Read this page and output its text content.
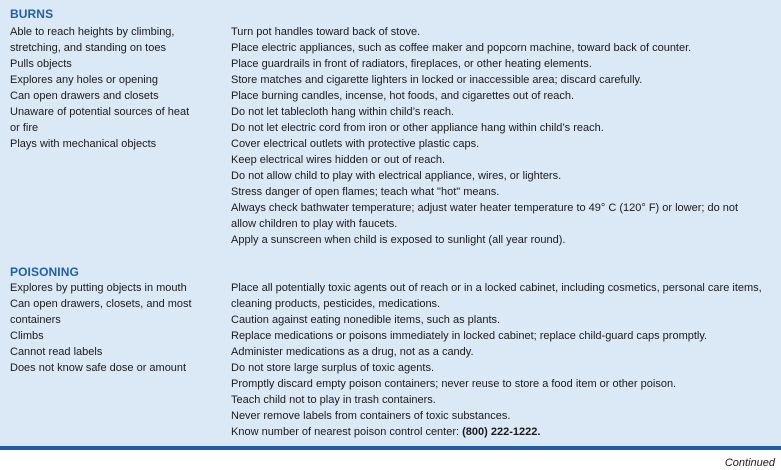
BURNS
Able to reach heights by climbing,
stretching, and standing on toes
Pulls objects
Explores any holes or opening
Can open drawers and closets
Unaware of potential sources of heat
or fire
Plays with mechanical objects
Turn pot handles toward back of stove.
Place electric appliances, such as coffee maker and popcorn machine, toward back of counter.
Place guardrails in front of radiators, fireplaces, or other heating elements.
Store matches and cigarette lighters in locked or inaccessible area; discard carefully.
Place burning candles, incense, hot foods, and cigarettes out of reach.
Do not let tablecloth hang within child’s reach.
Do not let electric cord from iron or other appliance hang within child’s reach.
Cover electrical outlets with protective plastic caps.
Keep electrical wires hidden or out of reach.
Do not allow child to play with electrical appliance, wires, or lighters.
Stress danger of open flames; teach what "hot" means.
Always check bathwater temperature; adjust water heater temperature to 49° C (120° F) or lower; do not
allow children to play with faucets.
Apply a sunscreen when child is exposed to sunlight (all year round).
POISONING
Explores by putting objects in mouth
Can open drawers, closets, and most
containers
Climbs
Cannot read labels
Does not know safe dose or amount
Place all potentially toxic agents out of reach or in a locked cabinet, including cosmetics, personal care items,
cleaning products, pesticides, medications.
Caution against eating nonedible items, such as plants.
Replace medications or poisons immediately in locked cabinet; replace child-guard caps promptly.
Administer medications as a drug, not as a candy.
Do not store large surplus of toxic agents.
Promptly discard empty poison containers; never reuse to store a food item or other poison.
Teach child not to play in trash containers.
Never remove labels from containers of toxic substances.
Know number of nearest poison control center: (800) 222-1222.
Continued
